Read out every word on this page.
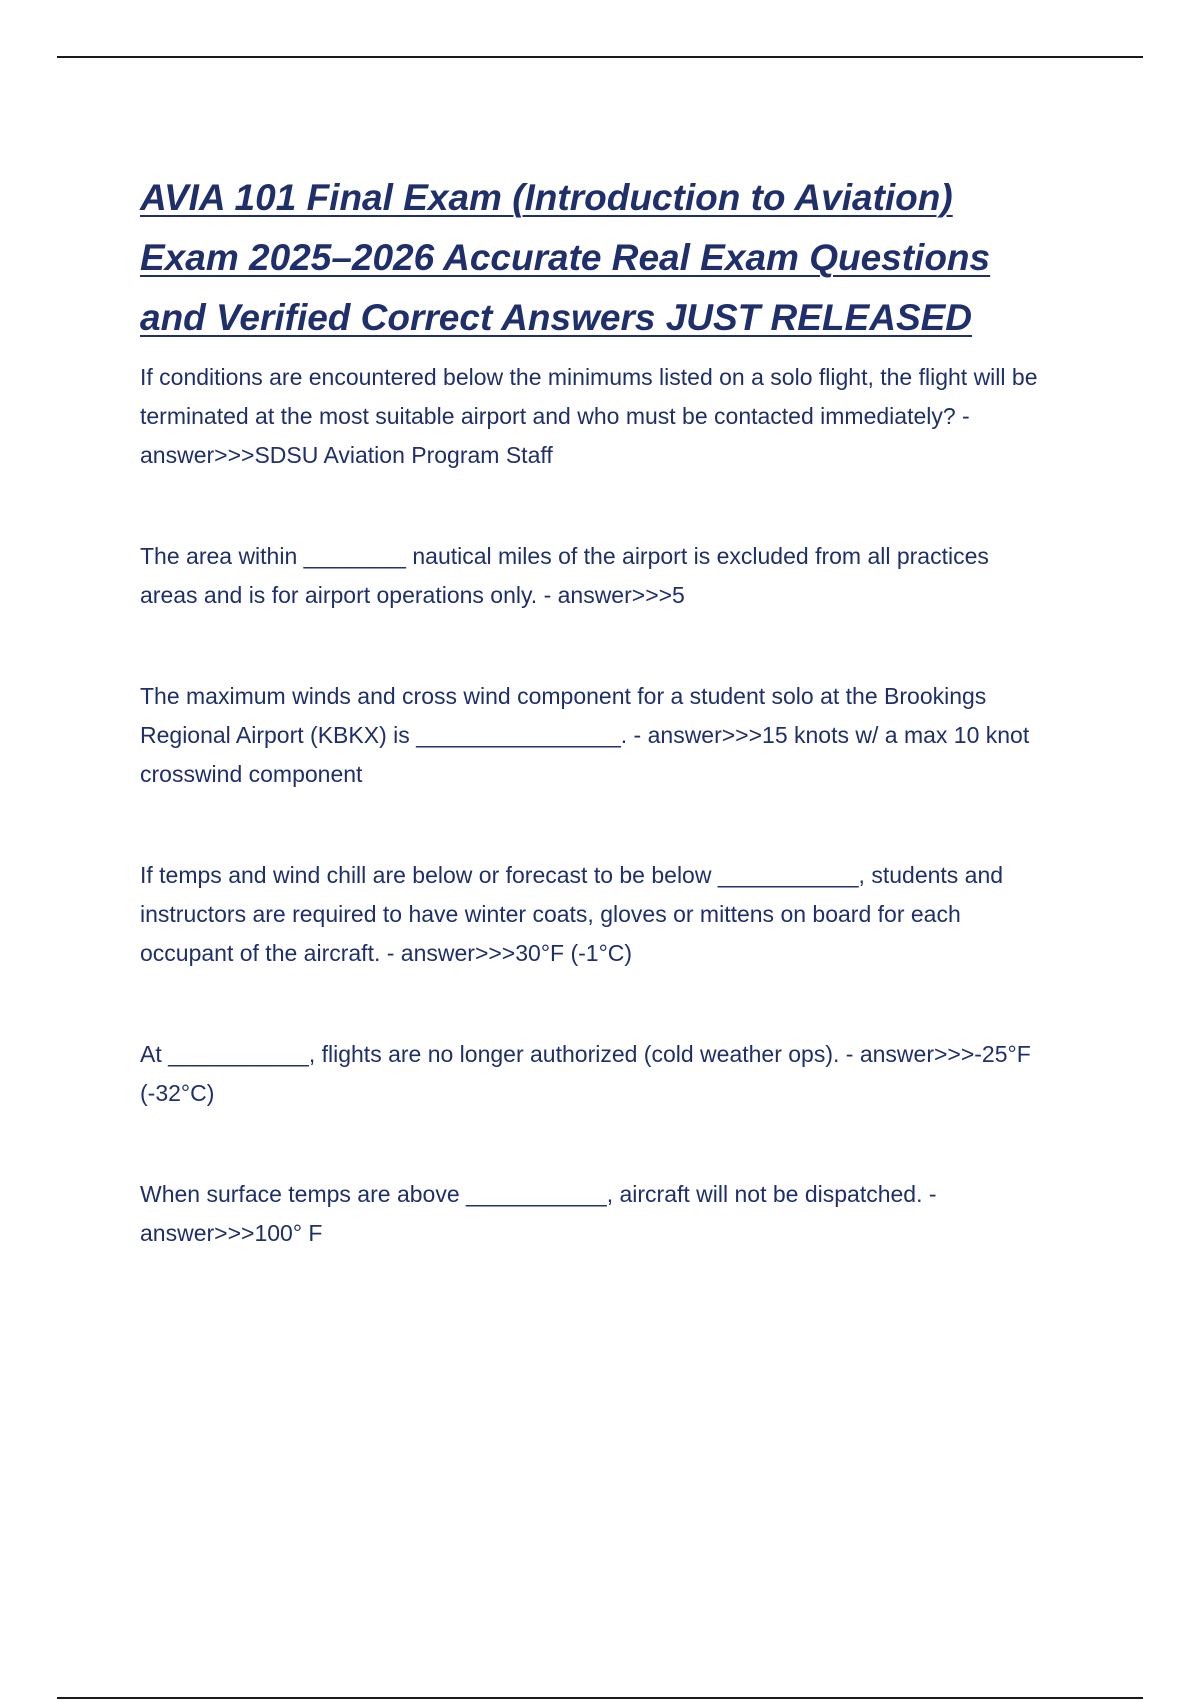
AVIA 101 Final Exam (Introduction to Aviation)
Exam 2025–2026 Accurate Real Exam Questions
and Verified Correct Answers JUST RELEASED

If conditions are encountered below the minimums listed on a solo flight, the flight will be terminated at the most suitable airport and who must be contacted immediately? - answer>>>SDSU Aviation Program Staff

The area within ________ nautical miles of the airport is excluded from all practices areas and is for airport operations only. - answer>>>5

The maximum winds and cross wind component for a student solo at the Brookings Regional Airport (KBKX) is ________________. - answer>>>15 knots w/ a max 10 knot crosswind component

If temps and wind chill are below or forecast to be below ___________, students and instructors are required to have winter coats, gloves or mittens on board for each occupant of the aircraft. - answer>>>30°F (-1°C)

At ___________, flights are no longer authorized (cold weather ops). - answer>>>-25°F (-32°C)

When surface temps are above ___________, aircraft will not be dispatched. - answer>>>100° F
